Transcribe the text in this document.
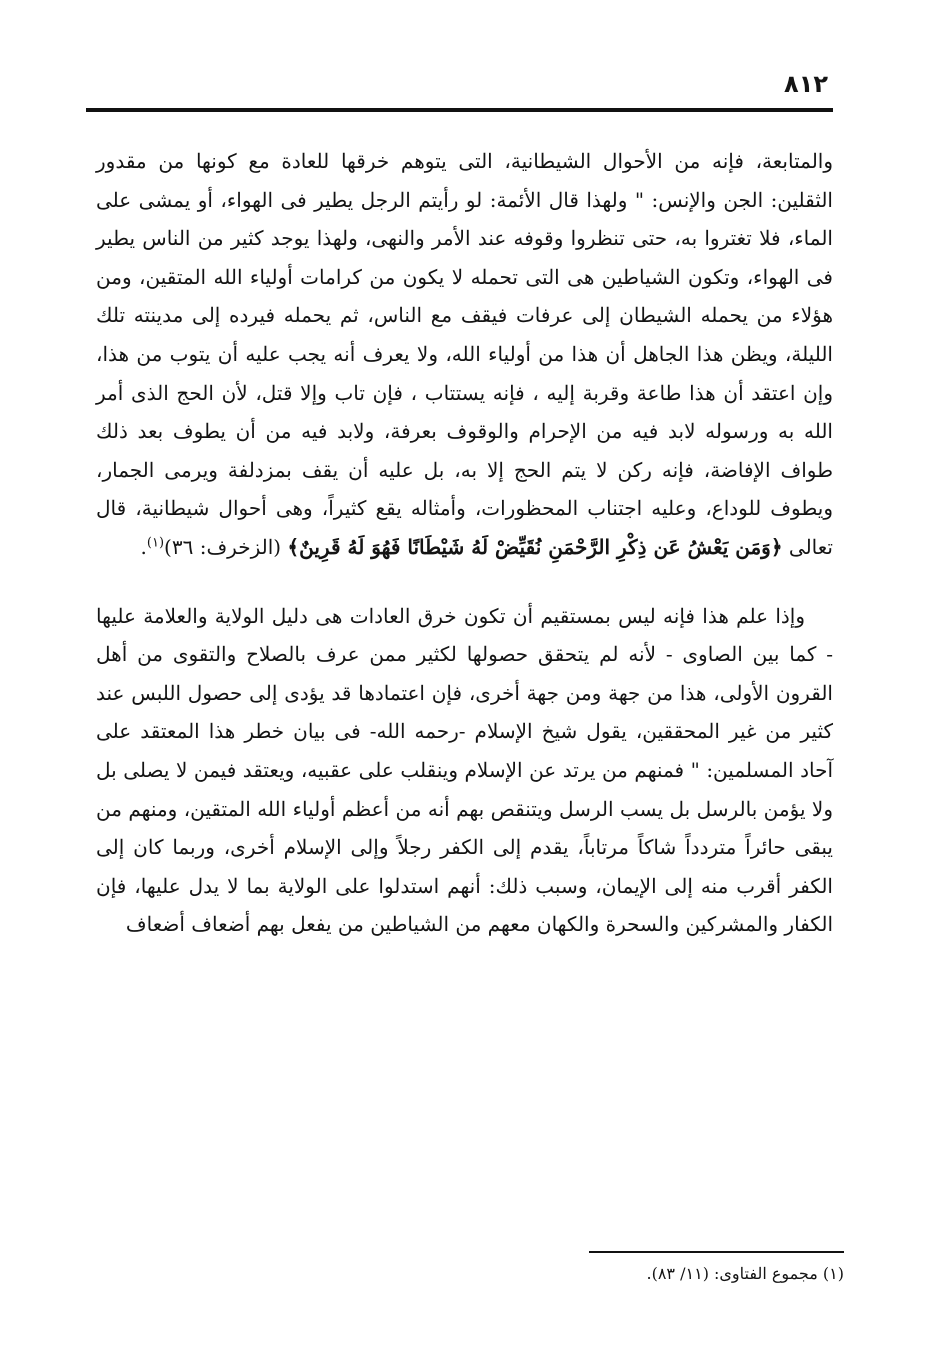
٨١٢

والمتابعة، فإنه من الأحوال الشيطانية، التى يتوهم خرقها للعادة مع كونها من مقدور الثقلين: الجن والإنس: " ولهذا قال الأئمة: لو رأيتم الرجل يطير فى الهواء، أو يمشى على الماء، فلا تغتروا به، حتى تنظروا وقوفه عند الأمر والنهى، ولهذا يوجد كثير من الناس يطير فى الهواء، وتكون الشياطين هى التى تحمله لا يكون من كرامات أولياء الله المتقين، ومن هؤلاء من يحمله الشيطان إلى عرفات فيقف مع الناس، ثم يحمله فيرده إلى مدينته تلك الليلة، ويظن هذا الجاهل أن هذا من أولياء الله، ولا يعرف أنه يجب عليه أن يتوب من هذا، وإن اعتقد أن هذا طاعة وقربة إليه ، فإنه يستتاب ، فإن تاب وإلا قتل، لأن الحج الذى أمر الله به ورسوله لابد فيه من الإحرام والوقوف بعرفة، ولابد فيه من أن يطوف بعد ذلك طواف الإفاضة، فإنه ركن لا يتم الحج إلا به، بل عليه أن يقف بمزدلفة ويرمى الجمار، ويطوف للوداع، وعليه اجتناب المحظورات، وأمثاله يقع كثيراً، وهى أحوال شيطانية، قال تعالى ﴿وَمَن يَعْشُ عَن ذِكْرِ الرَّحْمَنِ نُقَيِّضْ لَهُ شَيْطَانًا فَهُوَ لَهُ قَرِينٌ﴾ (الزخرف: ٣٦)$^{(١)}$.

وإذا علم هذا فإنه ليس بمستقيم أن تكون خرق العادات هى دليل الولاية والعلامة عليها - كما بين الصاوى - لأنه لم يتحقق حصولها لكثير ممن عرف بالصلاح والتقوى من أهل القرون الأولى، هذا من جهة ومن جهة أخرى، فإن اعتمادها قد يؤدى إلى حصول اللبس عند كثير من غير المحققين، يقول شيخ الإسلام -رحمه الله- فى بيان خطر هذا المعتقد على آحاد المسلمين: " فمنهم من يرتد عن الإسلام وينقلب على عقبيه، ويعتقد فيمن لا يصلى بل ولا يؤمن بالرسل بل يسب الرسل ويتنقص بهم أنه من أعظم أولياء الله المتقين، ومنهم من يبقى حائراً متردداً شاكاً مرتاباً، يقدم إلى الكفر رجلاً وإلى الإسلام أخرى، وربما كان إلى الكفر أقرب منه إلى الإيمان، وسبب ذلك: أنهم استدلوا على الولاية بما لا يدل عليها، فإن الكفار والمشركين والسحرة والكهان معهم من الشياطين من يفعل بهم أضعاف أضعاف

(١) مجموع الفتاوى: (١١/ ٨٣).
